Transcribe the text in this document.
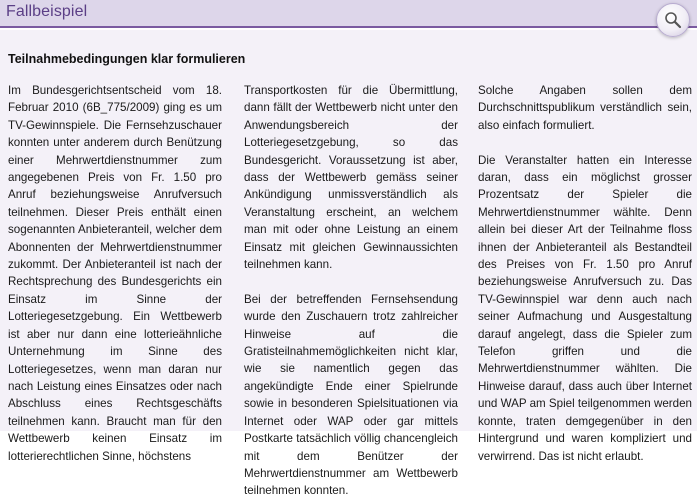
Fallbeispiel
Teilnahmebedingungen klar formulieren

Im Bundesgerichtsentscheid vom 18. Februar 2010 (6B_775/2009) ging es um TV-Gewinnspiele. Die Fernsehzuschauer konnten unter anderem durch Benützung einer Mehrwertdienstnummer zum angegebenen Preis von Fr. 1.50 pro Anruf beziehungsweise Anrufversuch teilnehmen. Dieser Preis enthält einen sogenannten Anbieteranteil, welcher dem Abonnenten der Mehrwertdienstnummer zukommt. Der Anbieteranteil ist nach der Rechtsprechung des Bundesgerichts ein Einsatz im Sinne der Lotteriegesetzgebung. Ein Wettbewerb ist aber nur dann eine lotterieähnliche Unternehmung im Sinne des Lotteriegesetzes, wenn man daran nur nach Leistung eines Einsatzes oder nach Abschluss eines Rechtsgeschäfts teilnehmen kann. Braucht man für den Wettbewerb keinen Einsatz im lotterierechtlichen Sinne, höchstens

Transportkosten für die Übermittlung, dann fällt der Wettbewerb nicht unter den Anwendungsbereich der Lotteriegesetzgebung, so das Bundesgericht. Voraussetzung ist aber, dass der Wettbewerb gemäss seiner Ankündigung unmissverständlich als Veranstaltung erscheint, an welchem man mit oder ohne Leistung an einem Einsatz mit gleichen Gewinnaussichten teilnehmen kann.

Bei der betreffenden Fernsehsendung wurde den Zuschauern trotz zahlreicher Hinweise auf die Gratisteilnahmemöglichkeiten nicht klar, wie sie namentlich gegen das angekündigte Ende einer Spielrunde sowie in besonderen Spielsituationen via Internet oder WAP oder gar mittels Postkarte tatsächlich völlig chancengleich mit dem Benützer der Mehrwertdienstnummer am Wettbewerb teilnehmen konnten.

Solche Angaben sollen dem Durchschnittspublikum verständlich sein, also einfach formuliert.

Die Veranstalter hatten ein Interesse daran, dass ein möglichst grosser Prozentsatz der Spieler die Mehrwertdienstnummer wählte. Denn allein bei dieser Art der Teilnahme floss ihnen der Anbieteranteil als Bestandteil des Preises von Fr. 1.50 pro Anruf beziehungsweise Anrufversuch zu. Das TV-Gewinnspiel war denn auch nach seiner Aufmachung und Ausgestaltung darauf angelegt, dass die Spieler zum Telefon griffen und die Mehrwertdienstnummer wählten. Die Hinweise darauf, dass auch über Internet und WAP am Spiel teilgenommen werden konnte, traten demgegenüber in den Hintergrund und waren kompliziert und verwirrend. Das ist nicht erlaubt.
